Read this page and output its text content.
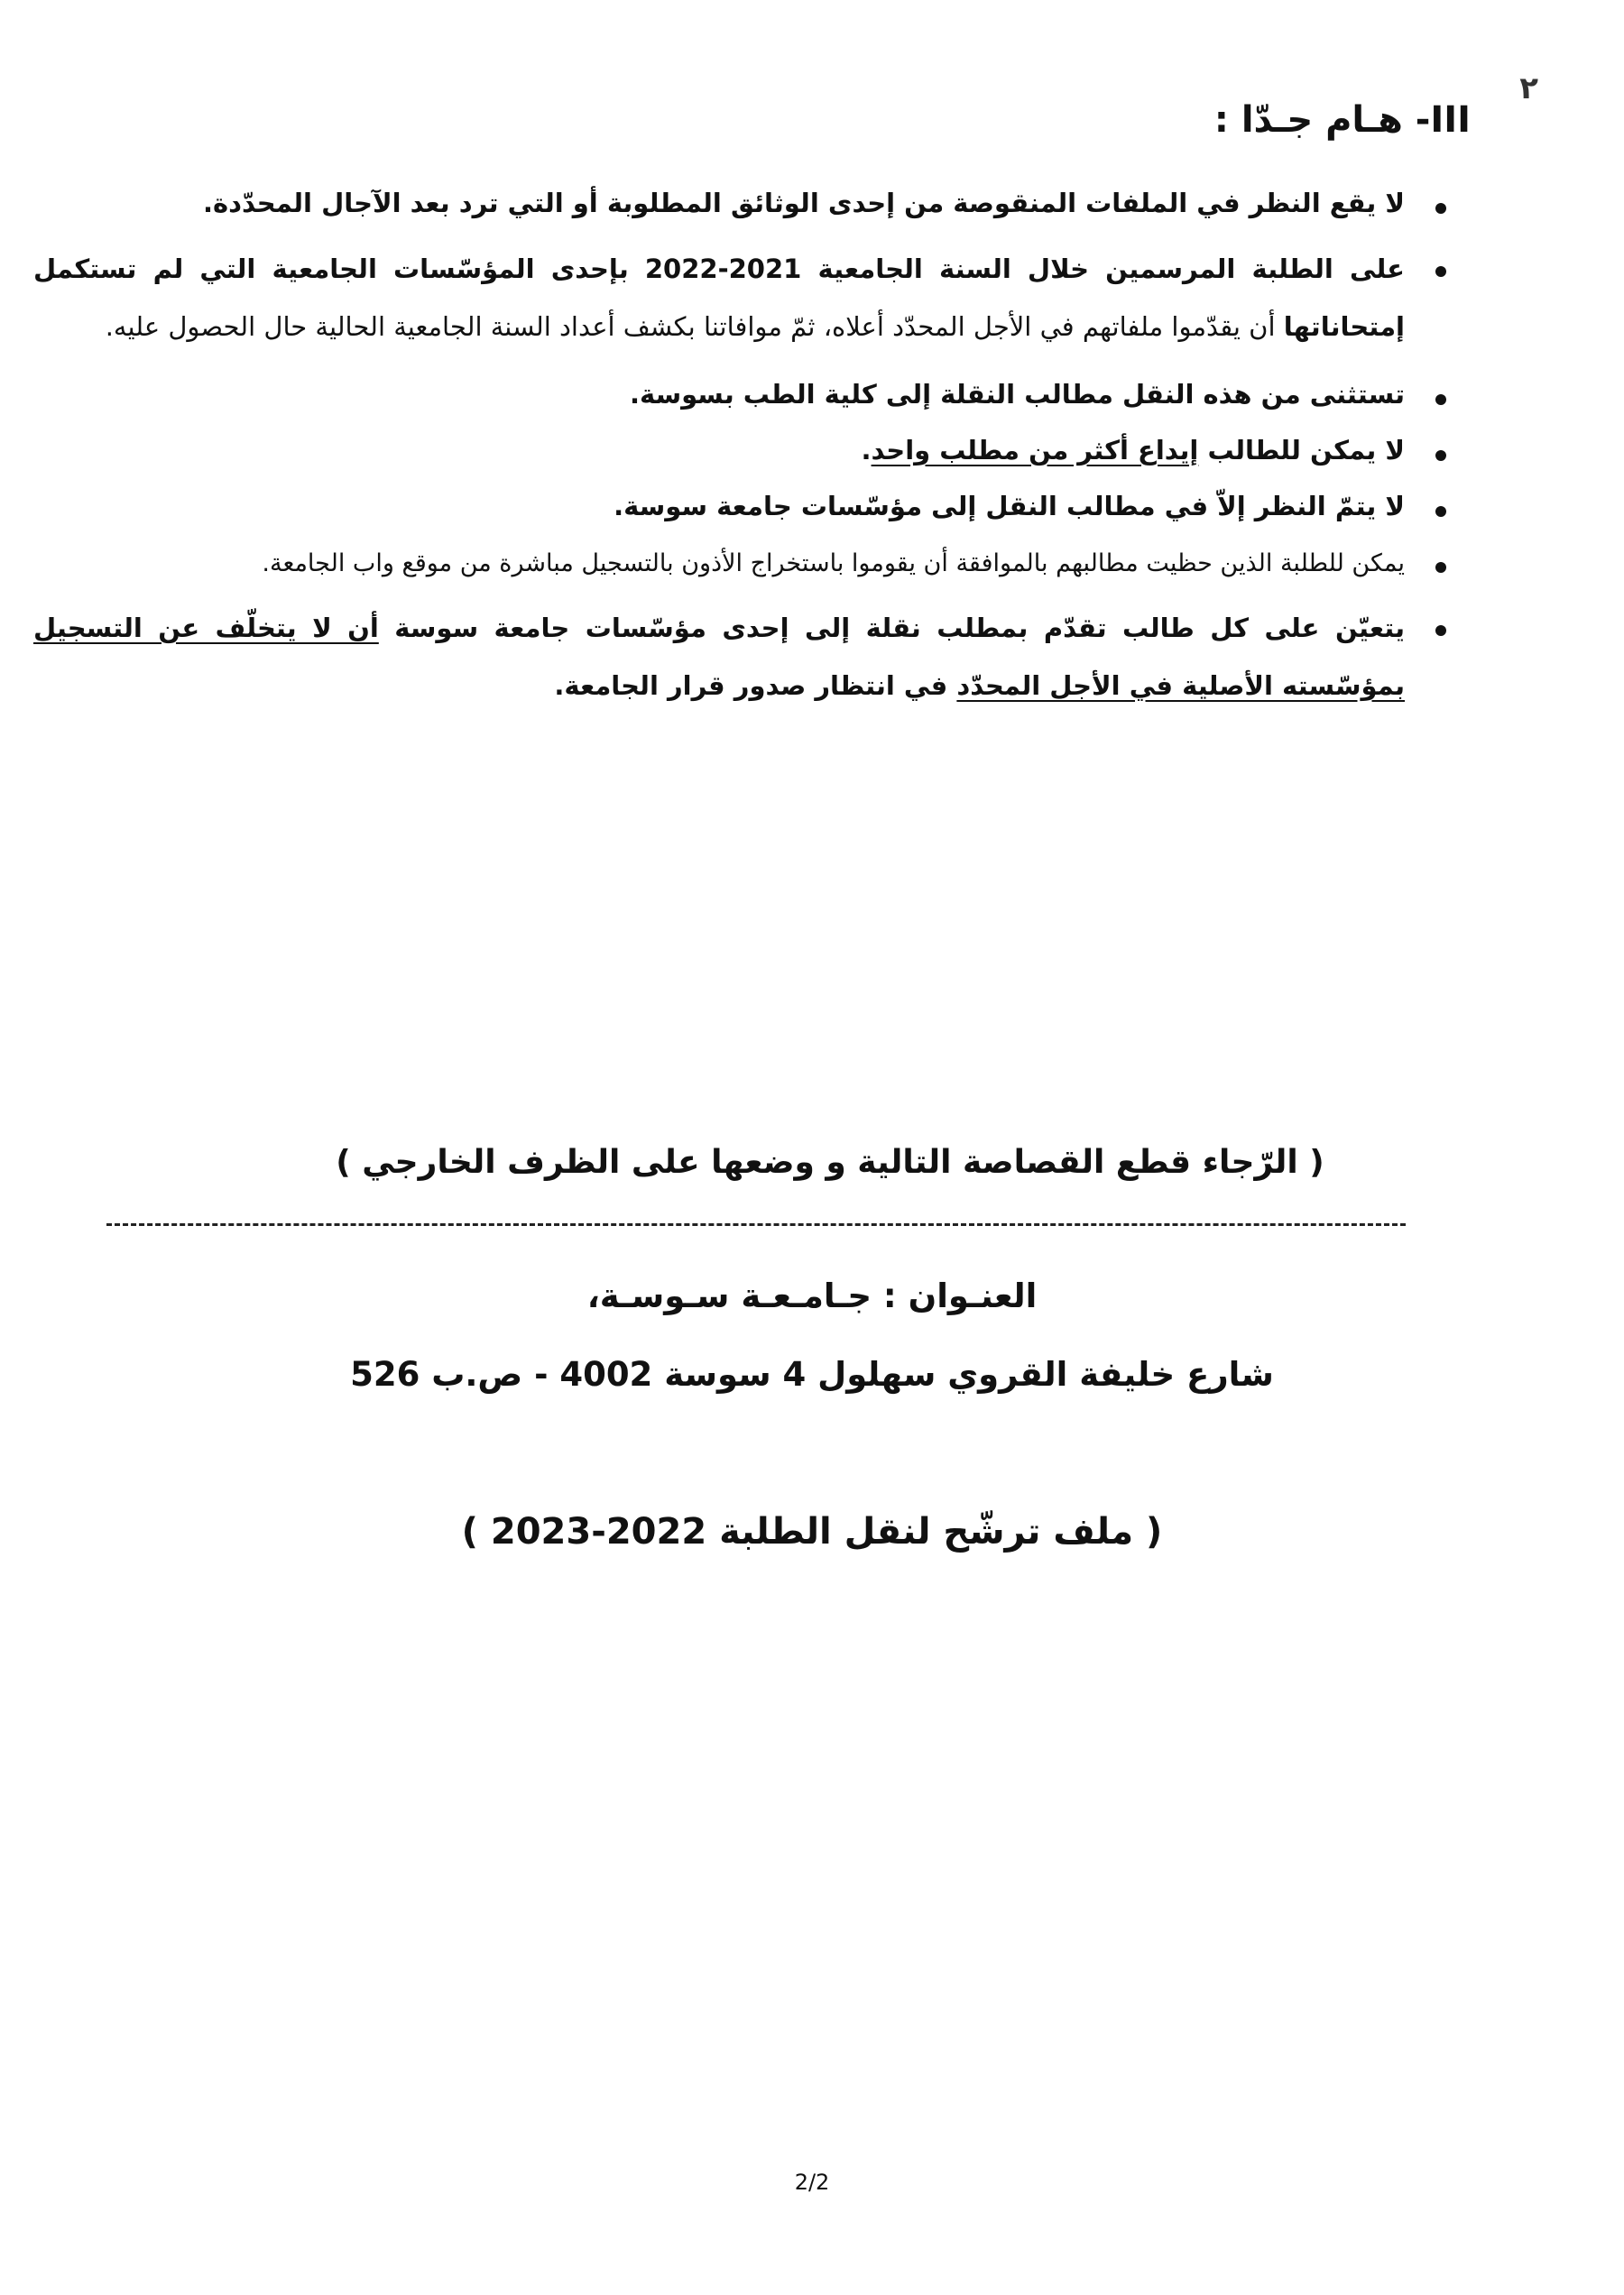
٢
III- هـام جـدّا :
لا يقع النظر في الملفات المنقوصة من إحدى الوثائق المطلوبة أو التي ترد بعد الآجال المحدّدة.
على الطلبة المرسمين خلال السنة الجامعية 2021-2022 بإحدى المؤسّسات الجامعية التي لم تستكمل إمتحاناتها أن يقدّموا ملفاتهم في الأجل المحدّد أعلاه، ثمّ موافاتنا بكشف أعداد السنة الجامعية الحالية حال الحصول عليه.
تستثنى من هذه النقل مطالب النقلة إلى كلية الطب بسوسة.
لا يمكن للطالب إيداع أكثر من مطلب واحد.
لا يتمّ النظر إلاّ في مطالب النقل إلى مؤسّسات جامعة سوسة.
يمكن للطلبة الذين حظيت مطالبهم بالموافقة أن يقوموا باستخراج الأذون بالتسجيل مباشرة من موقع واب الجامعة.
يتعيّن على كل طالب تقدّم بمطلب نقلة إلى إحدى مؤسّسات جامعة سوسة أن لا يتخلّف عن التسجيل بمؤسّسته الأصلية في الأجل المحدّد في انتظار صدور قرار الجامعة.
( الرّجاء قطع القصاصة التالية و وضعها على الظرف الخارجي )
العنـوان : جـامـعـة سـوسـة،
شارع خليفة القروي سهلول 4 سوسة 4002 - ص.ب 526
( ملف ترشّح لنقل الطلبة 2022-2023 )
2/2
